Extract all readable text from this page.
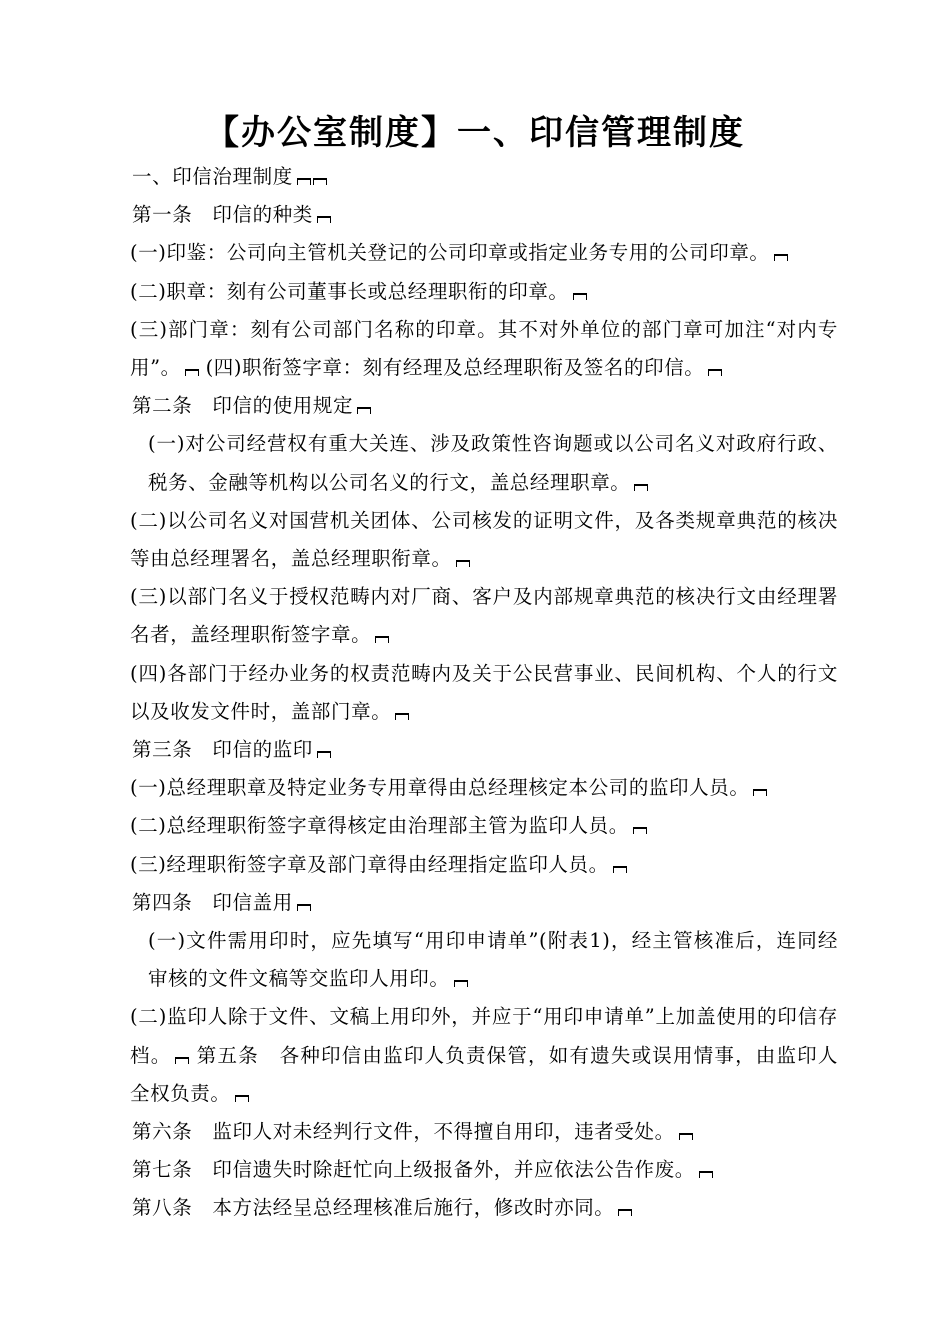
【办公室制度】一、印信管理制度

一、印信治理制度

第一条　印信的种类

(一)印鉴：公司向主管机关登记的公司印章或指定业务专用的公司印章。

(二)职章：刻有公司董事长或总经理职衔的印章。

(三)部门章：刻有公司部门名称的印章。其不对外单位的部门章可加注“对内专用”。 (四)职衔签字章：刻有经理及总经理职衔及签名的印信。

第二条　印信的使用规定

(一)对公司经营权有重大关连、涉及政策性咨询题或以公司名义对政府行政、税务、金融等机构以公司名义的行文，盖总经理职章。

(二)以公司名义对国营机关团体、公司核发的证明文件，及各类规章典范的核决等由总经理署名，盖总经理职衔章。

(三)以部门名义于授权范畴内对厂商、客户及内部规章典范的核决行文由经理署名者，盖经理职衔签字章。

(四)各部门于经办业务的权责范畴内及关于公民营事业、民间机构、个人的行文以及收发文件时，盖部门章。

第三条　印信的监印

(一)总经理职章及特定业务专用章得由总经理核定本公司的监印人员。

(二)总经理职衔签字章得核定由治理部主管为监印人员。

(三)经理职衔签字章及部门章得由经理指定监印人员。

第四条　印信盖用

(一)文件需用印时，应先填写“用印申请单”(附表1)，经主管核准后，连同经审核的文件文稿等交监印人用印。

(二)监印人除于文件、文稿上用印外，并应于“用印申请单”上加盖使用的印信存档。 第五条　各种印信由监印人负责保管，如有遗失或误用情事，由监印人全权负责。

第六条　监印人对未经判行文件，不得擅自用印，违者受处。

第七条　印信遗失时除赶忙向上级报备外，并应依法公告作废。

第八条　本方法经呈总经理核准后施行，修改时亦同。
